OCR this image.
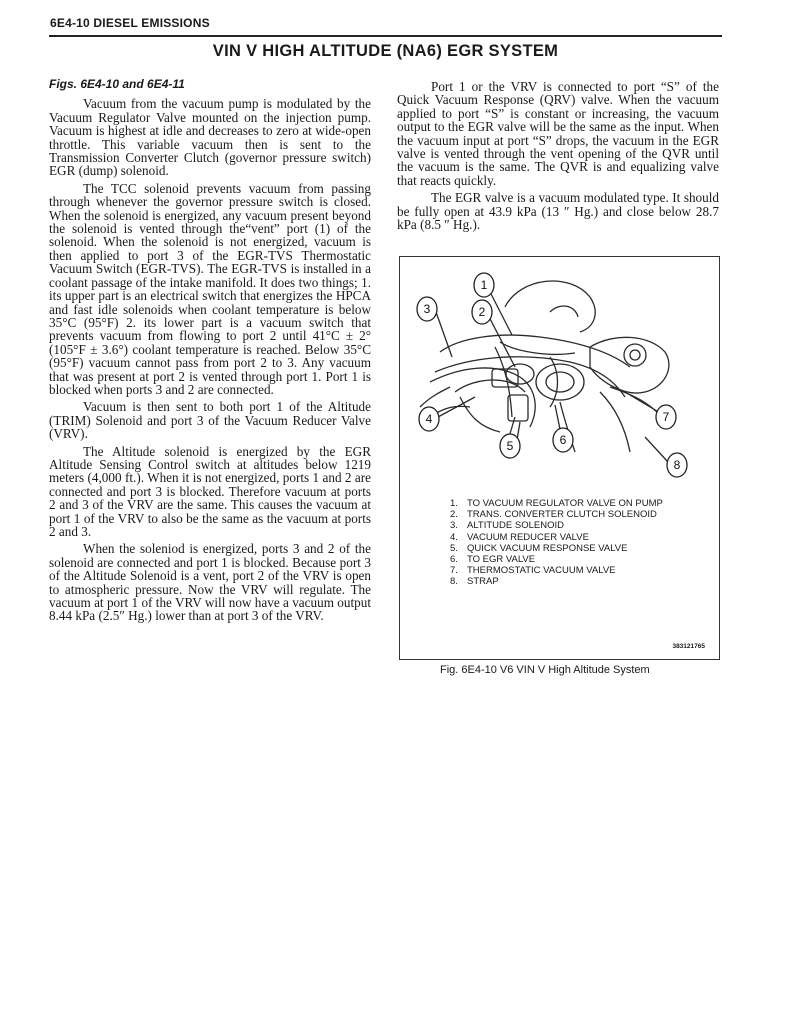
6E4-10 DIESEL EMISSIONS
VIN V HIGH ALTITUDE (NA6) EGR SYSTEM
Figs. 6E4-10 and 6E4-11

Vacuum from the vacuum pump is modulated by the Vacuum Regulator Valve mounted on the injection pump. Vacuum is highest at idle and decreases to zero at wide-open throttle. This variable vacuum then is sent to the Transmission Converter Clutch (governor pressure switch) EGR (dump) solenoid.

The TCC solenoid prevents vacuum from passing through whenever the governor pressure switch is closed. When the solenoid is energized, any vacuum present beyond the solenoid is vented through the“vent” port (1) of the solenoid. When the solenoid is not energized, vacuum is then applied to port 3 of the EGR-TVS Thermostatic Vacuum Switch (EGR-TVS). The EGR-TVS is installed in a coolant passage of the intake manifold. It does two things; 1. its upper part is an electrical switch that energizes the HPCA and fast idle solenoids when coolant temperature is below 35°C (95°F) 2. its lower part is a vacuum switch that prevents vacuum from flowing to port 2 until 41°C ± 2° (105°F ± 3.6°) coolant temperature is reached. Below 35°C (95°F) vacuum cannot pass from port 2 to 3. Any vacuum that was present at port 2 is vented through port 1. Port 1 is blocked when ports 3 and 2 are connected.

Vacuum is then sent to both port 1 of the Altitude (TRIM) Solenoid and port 3 of the Vacuum Reducer Valve (VRV).

The Altitude solenoid is energized by the EGR Altitude Sensing Control switch at altitudes below 1219 meters (4,000 ft.). When it is not energized, ports 1 and 2 are connected and port 3 is blocked. Therefore vacuum at ports 2 and 3 of the VRV are the same. This causes the vacuum at port 1 of the VRV to also be the same as the vacuum at ports 2 and 3.

When the soleniod is energized, ports 3 and 2 of the solenoid are connected and port 1 is blocked. Because port 3 of the Altitude Solenoid is a vent, port 2 of the VRV is open to atmospheric pressure. Now the VRV will regulate. The vacuum at port 1 of the VRV will now have a vacuum output 8.44 kPa (2.5″ Hg.) lower than at port 3 of the VRV.

Port 1 or the VRV is connected to port “S” of the Quick Vacuum Response (QRV) valve. When the vacuum applied to port “S” is constant or increasing, the vacuum output to the EGR valve will be the same as the input. When the vacuum input at port “S” drops, the vacuum in the EGR valve is vented through the vent opening of the QVR until the vacuum is the same. The QVR is and equalizing valve that reacts quickly.

The EGR valve is a vacuum modulated type. It should be fully open at 43.9 kPa (13 ″ Hg.) and close below 28.7 kPa (8.5 ″ Hg.).

1
2
3
4
5	6
7
8
1. TO VACUUM REGULATOR VALVE ON PUMP
2. TRANS. CONVERTER CLUTCH SOLENOID
3. ALTITUDE SOLENOID
4. VACUUM REDUCER VALVE
5. QUICK VACUUM RESPONSE VALVE
6. TO EGR VALVE
7. THERMOSTATIC VACUUM VALVE
8. STRAP
383121765
Fig. 6E4-10 V6 VIN V High Altitude System
